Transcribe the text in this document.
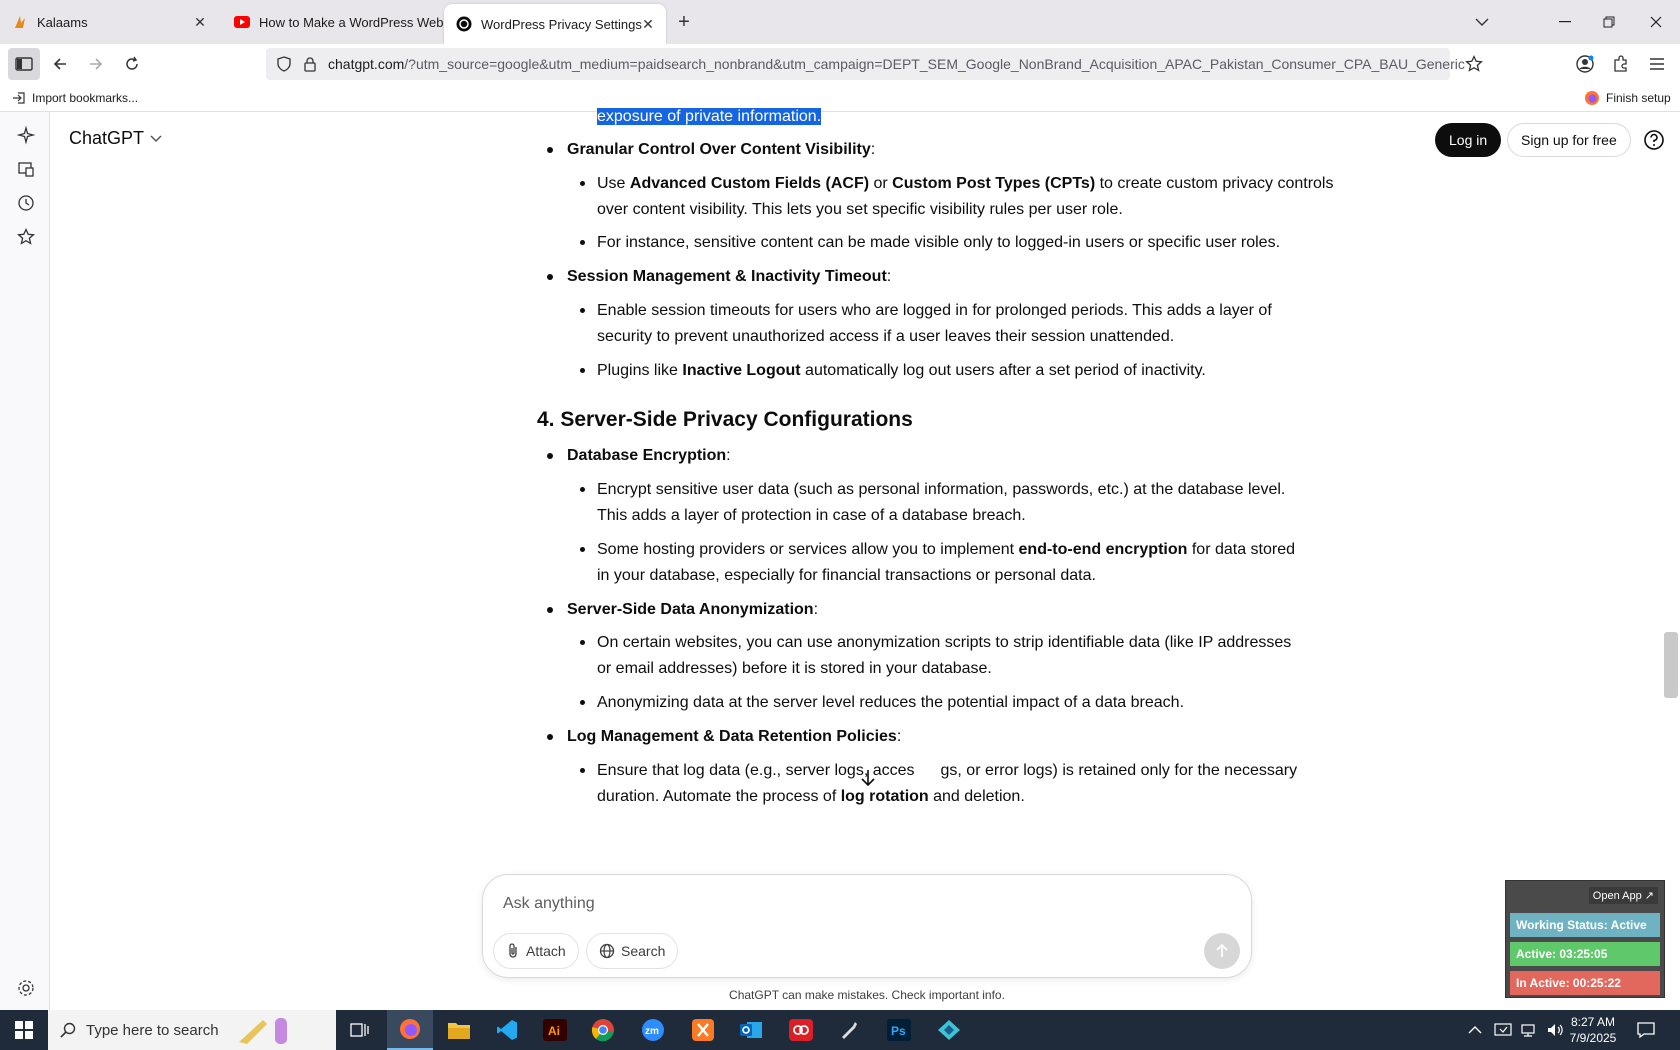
Kalaams	✕	How to Make a WordPress Web	WordPress Privacy Settings ✕	+
chatgpt.com/?utm_source=google&utm_medium=paidsearch_nonbrand&utm_campaign=DEPT_SEM_Google_NonBrand_Acquisition_APAC_Pakistan_Consumer_CPA_BAU_Generic
Import bookmarks...	Finish setup
ChatGPT	Log in	Sign up for free
exposure of private information.
Granular Control Over Content Visibility:
Use Advanced Custom Fields (ACF) or Custom Post Types (CPTs) to create custom privacy controls
over content visibility. This lets you set specific visibility rules per user role.
For instance, sensitive content can be made visible only to logged-in users or specific user roles.
Session Management & Inactivity Timeout:
Enable session timeouts for users who are logged in for prolonged periods. This adds a layer of
security to prevent unauthorized access if a user leaves their session unattended.
Plugins like Inactive Logout automatically log out users after a set period of inactivity.
4. Server-Side Privacy Configurations
Database Encryption:
Encrypt sensitive user data (such as personal information, passwords, etc.) at the database level.
This adds a layer of protection in case of a database breach.
Some hosting providers or services allow you to implement end-to-end encryption for data stored
in your database, especially for financial transactions or personal data.
Server-Side Data Anonymization:
On certain websites, you can use anonymization scripts to strip identifiable data (like IP addresses
or email addresses) before it is stored in your database.
Anonymizing data at the server level reduces the potential impact of a data breach.
Log Management & Data Retention Policies:
Ensure that log data (e.g., server logs, acces gs, or error logs) is retained only for the necessary
duration. Automate the process of log rotation and deletion.
Ask anything
Attach	Search
ChatGPT can make mistakes. Check important info.
Open App ↗
Working Status: Active
Active: 03:25:05
In Active: 00:25:22
Type here to search	Ai	zm	Ps
8:27 AM
7/9/2025
